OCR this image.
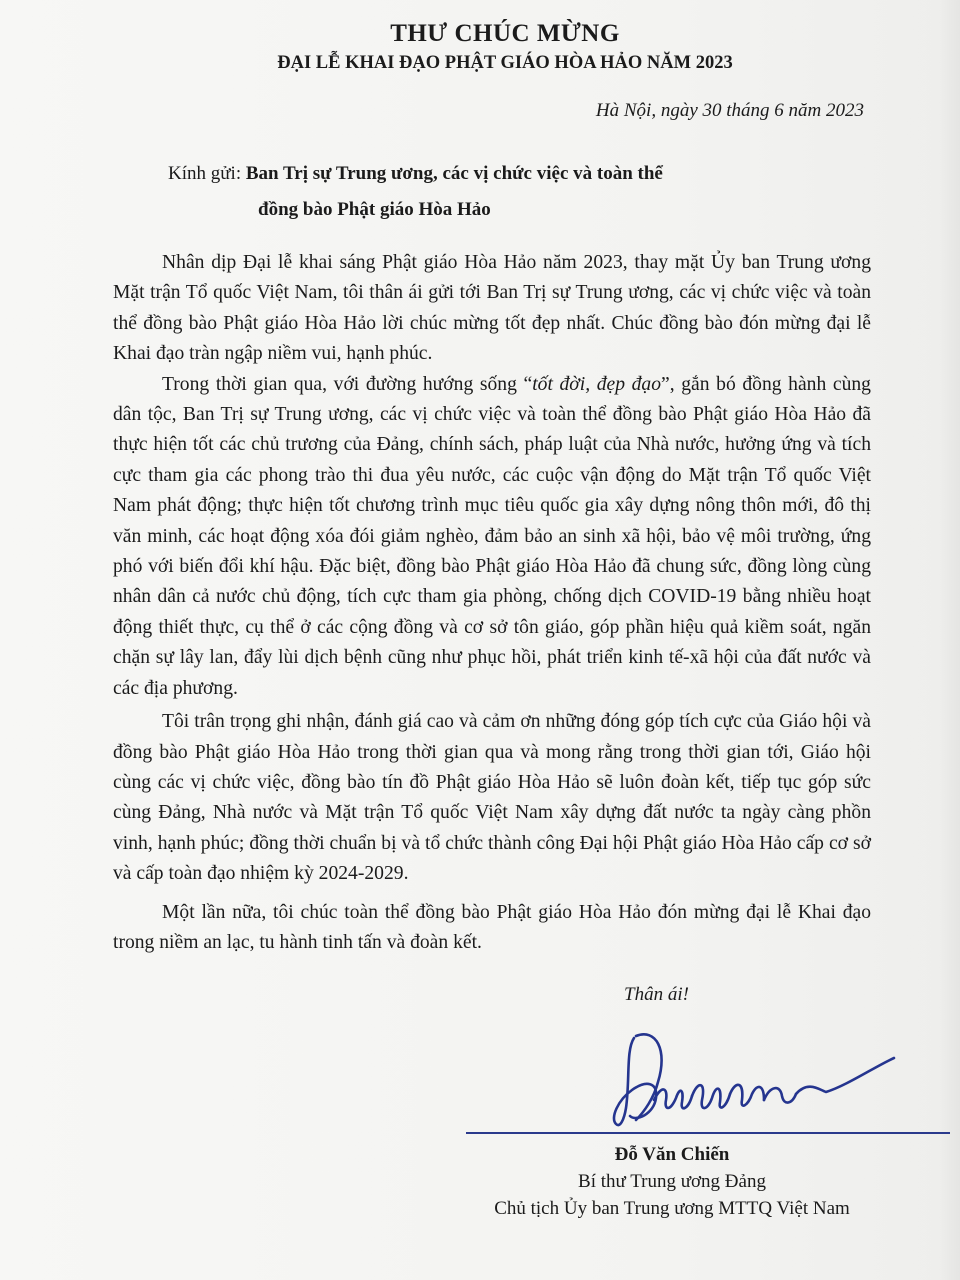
THƯ CHÚC MỪNG
ĐẠI LỄ KHAI ĐẠO PHẬT GIÁO HÒA HẢO NĂM 2023

Hà Nội, ngày 30 tháng 6 năm 2023

Kính gửi: Ban Trị sự Trung ương, các vị chức việc và toàn thể
đồng bào Phật giáo Hòa Hảo

Nhân dịp Đại lễ khai sáng Phật giáo Hòa Hảo năm 2023, thay mặt Ủy ban Trung ương Mặt trận Tổ quốc Việt Nam, tôi thân ái gửi tới Ban Trị sự Trung ương, các vị chức việc và toàn thể đồng bào Phật giáo Hòa Hảo lời chúc mừng tốt đẹp nhất. Chúc đồng bào đón mừng đại lễ Khai đạo tràn ngập niềm vui, hạnh phúc.

Trong thời gian qua, với đường hướng sống “tốt đời, đẹp đạo”, gắn bó đồng hành cùng dân tộc, Ban Trị sự Trung ương, các vị chức việc và toàn thể đồng bào Phật giáo Hòa Hảo đã thực hiện tốt các chủ trương của Đảng, chính sách, pháp luật của Nhà nước, hưởng ứng và tích cực tham gia các phong trào thi đua yêu nước, các cuộc vận động do Mặt trận Tổ quốc Việt Nam phát động; thực hiện tốt chương trình mục tiêu quốc gia xây dựng nông thôn mới, đô thị văn minh, các hoạt động xóa đói giảm nghèo, đảm bảo an sinh xã hội, bảo vệ môi trường, ứng phó với biến đổi khí hậu. Đặc biệt, đồng bào Phật giáo Hòa Hảo đã chung sức, đồng lòng cùng nhân dân cả nước chủ động, tích cực tham gia phòng, chống dịch COVID-19 bằng nhiều hoạt động thiết thực, cụ thể ở các cộng đồng và cơ sở tôn giáo, góp phần hiệu quả kiềm soát, ngăn chặn sự lây lan, đẩy lùi dịch bệnh cũng như phục hồi, phát triển kinh tế-xã hội của đất nước và các địa phương.

Tôi trân trọng ghi nhận, đánh giá cao và cảm ơn những đóng góp tích cực của Giáo hội và đồng bào Phật giáo Hòa Hảo trong thời gian qua và mong rằng trong thời gian tới, Giáo hội cùng các vị chức việc, đồng bào tín đồ Phật giáo Hòa Hảo sẽ luôn đoàn kết, tiếp tục góp sức cùng Đảng, Nhà nước và Mặt trận Tổ quốc Việt Nam xây dựng đất nước ta ngày càng phồn vinh, hạnh phúc; đồng thời chuẩn bị và tổ chức thành công Đại hội Phật giáo Hòa Hảo cấp cơ sở và cấp toàn đạo nhiệm kỳ 2024-2029.

Một lần nữa, tôi chúc toàn thể đồng bào Phật giáo Hòa Hảo đón mừng đại lễ Khai đạo trong niềm an lạc, tu hành tinh tấn và đoàn kết.

Thân ái!
Đỗ Văn Chiến
Bí thư Trung ương Đảng
Chủ tịch Ủy ban Trung ương MTTQ Việt Nam
